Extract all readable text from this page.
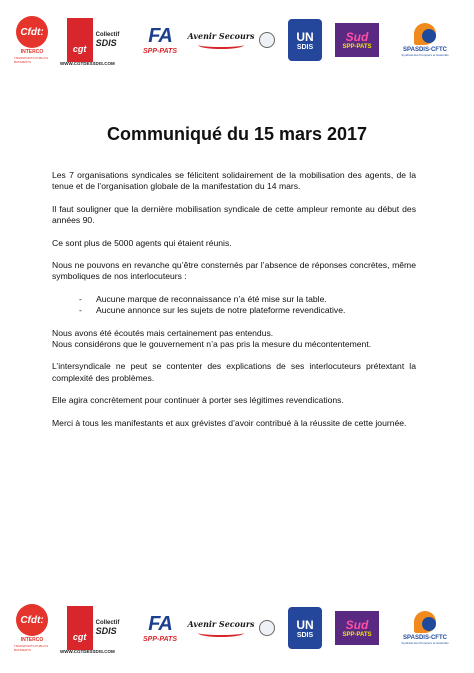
Cfdt:
INTERCO
TRANSPORTS PUBLICS · BATIMENTS
cgt
Collectif
SDIS
WWW.CGTDESSDIS.COM
FA
SPP-PATS
Avenir Secours	UN
SDIS
Sud
SPP-PATS	SPASDIS-CFTC
Syndicat des Pompiers et Assimilés
Communiqué du 15 mars 2017

Les 7 organisations syndicales se félicitent solidairement de la mobilisation des agents, de la tenue et de l’organisation globale de la manifestation du 14 mars.

Il faut souligner que la dernière mobilisation syndicale de cette ampleur remonte au début des années 90.

Ce sont plus de 5000 agents qui étaient réunis.

Nous ne pouvons en revanche qu’être consternés par l’absence de réponses concrètes, même symboliques de nos interlocuteurs :

- Aucune marque de reconnaissance n’a été mise sur la table.
- Aucune annonce sur les sujets de notre plateforme revendicative.

Nous avons été écoutés mais certainement pas entendus.

Nous considérons que le gouvernement n’a pas pris la mesure du mécontentement.

L’intersyndicale ne peut se contenter des explications de ses interlocuteurs prétextant la complexité des problèmes.

Elle agira concrètement pour continuer à porter ses légitimes revendications.

Merci à tous les manifestants et aux grévistes d’avoir contribué à la réussite de cette journée.

Cfdt:
INTERCO
TRANSPORTS PUBLICS · BATIMENTS
cgt
Collectif
SDIS
WWW.CGTDESSDIS.COM
FA
SPP-PATS
Avenir Secours	UN
SDIS
Sud
SPP-PATS	SPASDIS-CFTC
Syndicat des Pompiers et Assimilés
